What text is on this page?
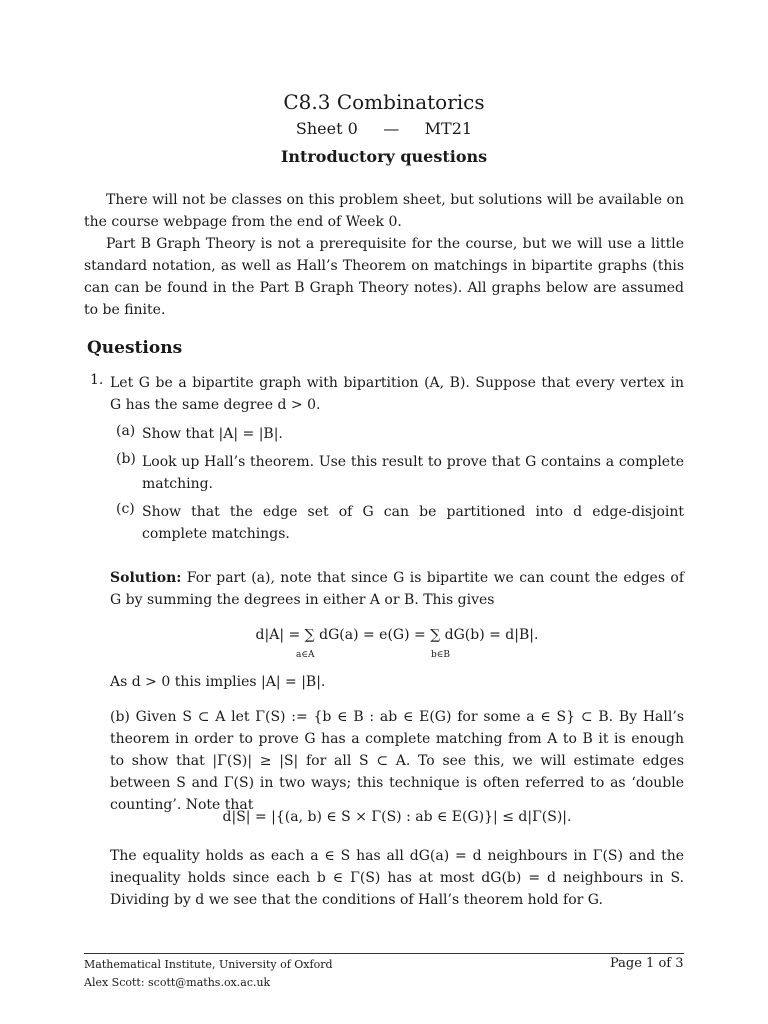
C8.3 Combinatorics
Sheet 0 — MT21
Introductory questions
There will not be classes on this problem sheet, but solutions will be available on the course webpage from the end of Week 0.
Part B Graph Theory is not a prerequisite for the course, but we will use a little standard notation, as well as Hall’s Theorem on matchings in bipartite graphs (this can can be found in the Part B Graph Theory notes). All graphs below are assumed to be finite.
Questions
1. Let G be a bipartite graph with bipartition (A, B). Suppose that every vertex in G has the same degree d > 0.
(a) Show that |A| = |B|.
(b) Look up Hall’s theorem. Use this result to prove that G contains a complete matching.
(c) Show that the edge set of G can be partitioned into d edge-disjoint complete matchings.
Solution: For part (a), note that since G is bipartite we can count the edges of G by summing the degrees in either A or B. This gives
d|A| = ∑ dG(a) = e(G) = ∑ dG(b) = d|B|.
a∈A	b∈B
As d > 0 this implies |A| = |B|.
(b) Given S ⊂ A let Γ(S) := {b ∈ B : ab ∈ E(G) for some a ∈ S} ⊂ B. By Hall’s theorem in order to prove G has a complete matching from A to B it is enough to show that |Γ(S)| ≥ |S| for all S ⊂ A. To see this, we will estimate edges between S and Γ(S) in two ways; this technique is often referred to as ‘double counting’. Note that
d|S| = |{(a, b) ∈ S × Γ(S) : ab ∈ E(G)}| ≤ d|Γ(S)|.
The equality holds as each a ∈ S has all dG(a) = d neighbours in Γ(S) and the inequality holds since each b ∈ Γ(S) has at most dG(b) = d neighbours in S. Dividing by d we see that the conditions of Hall’s theorem hold for G.
Mathematical Institute, University of Oxford
Alex Scott: scott@maths.ox.ac.uk
Page 1 of 3
